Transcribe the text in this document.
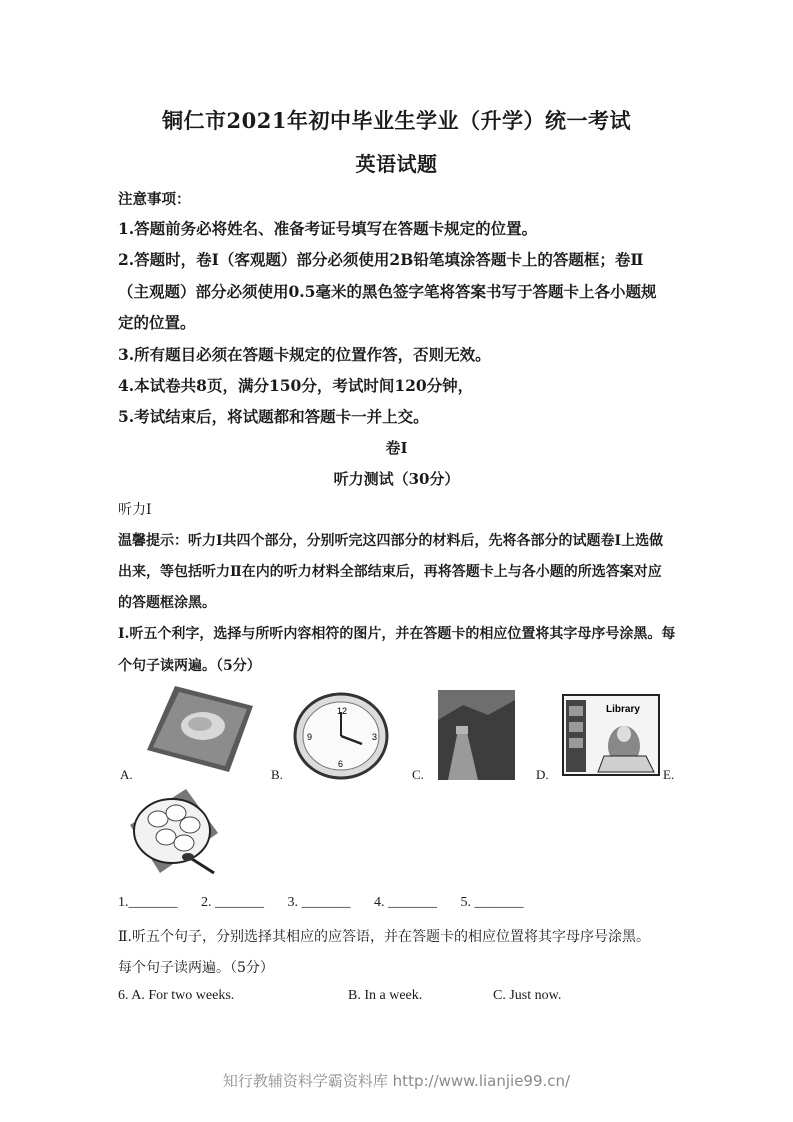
铜仁市2021年初中毕业生学业（升学）统一考试
英语试题
注意事项：
1.答题前务必将姓名、准备考证号填写在答题卡规定的位置。
2.答题时，卷Ⅰ（客观题）部分必须使用2B铅笔填涂答题卡上的答题框；卷Ⅱ
（主观题）部分必须使用0.5毫米的黑色签字笔将答案书写于答题卡上各小题规
定的位置。
3.所有题目必须在答题卡规定的位置作答，否则无效。
4.本试卷共8页，满分150分，考试时间120分钟，
5.考试结束后，将试题都和答题卡一并上交。
卷I
听力测试（30分）
听力Ⅰ
温馨提示：听力Ⅰ共四个部分，分别听完这四部分的材料后，先将各部分的试题卷Ⅰ上选做
出来，等包括听力Ⅱ在内的听力材料全部结束后，再将答题卡上与各小题的所选答案对应
的答题框涂黑。
Ⅰ.听五个利字，选择与所听内容相符的图片，并在答题卡的相应位置将其字母序号涂黑。每
个句子读两遍。（5分）
12
3
6
9
Library
A.	B.	C.	D.	E.
1._______ 2. _______ 3. _______ 4. _______ 5. _______
Ⅱ.听五个句子，分别选择其相应的应答语，并在答题卡的相应位置将其字母序号涂黑。
每个句子读两遍。（5分）
6. A. For two weeks.	B. In a week.	C. Just now.
知行教辅资料学霸资料库 http://www.lianjie99.cn/
